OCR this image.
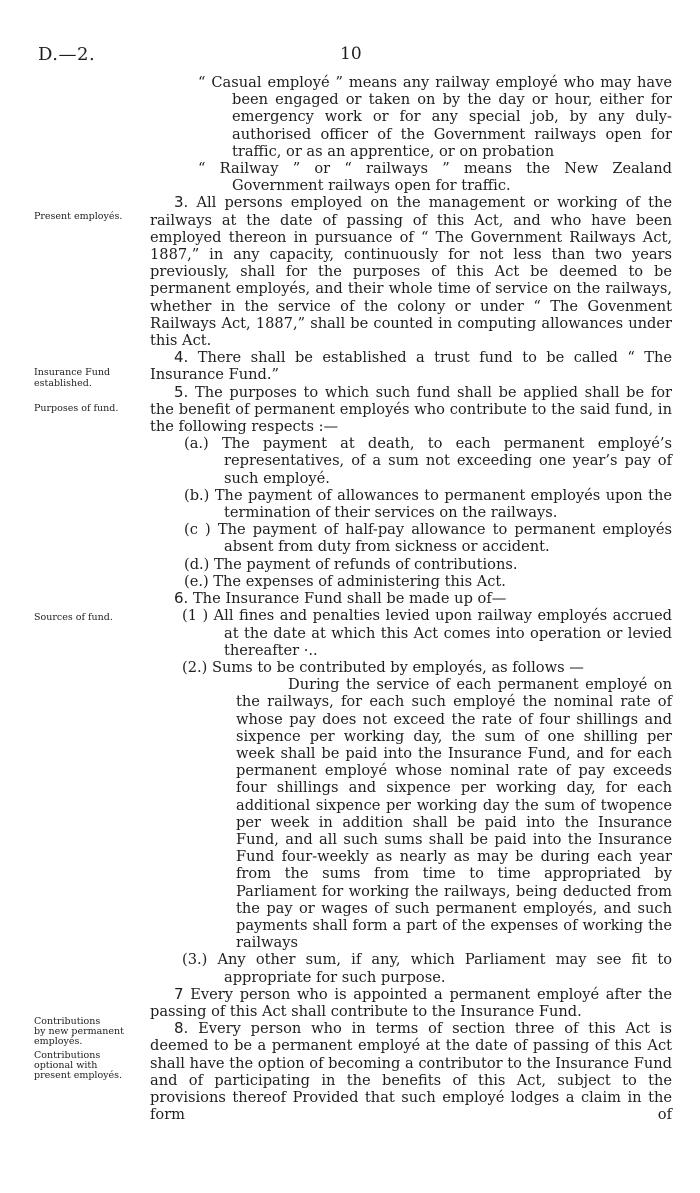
D.—2.	10
Present employés.
Insurance Fund
established.
Purposes of fund.
Sources of fund.
Contributions
by new permanent
employés.
Contributions
optional with
present employés.

“ Casual employé ” means any railway employé who may have been engaged or taken on by the day or hour, either for emergency work or for any special job, by any duly-authorised officer of the Government railways open for traffic, or as an apprentice, or on probation

“ Railway ” or “ railways ” means the New Zealand Government railways open for traffic.

3. All persons employed on the management or working of the railways at the date of passing of this Act, and who have been employed thereon in pursuance of “ The Government Railways Act, 1887,” in any capacity, continuously for not less than two years previously, shall for the purposes of this Act be deemed to be permanent employés, and their whole time of service on the railways, whether in the service of the colony or under “ The Govenment Railways Act, 1887,” shall be counted in computing allowances under this Act.

4. There shall be established a trust fund to be called “ The Insurance Fund.”

5. The purposes to which such fund shall be applied shall be for the benefit of permanent employés who contribute to the said fund, in the following respects :—

(a.) The payment at death, to each permanent employé’s representatives, of a sum not exceeding one year’s pay of such employé.

(b.) The payment of allowances to permanent employés upon the termination of their services on the railways.

(c ) The payment of half-pay allowance to permanent employés absent from duty from sickness or accident.

(d.) The payment of refunds of contributions.

(e.) The expenses of administering this Act.

6. The Insurance Fund shall be made up of—

(1 ) All fines and penalties levied upon railway employés accrued at the date at which this Act comes into operation or levied thereafter ·..

(2.) Sums to be contributed by employés, as follows —

During the service of each permanent employé on the railways, for each such employé the nominal rate of whose pay does not exceed the rate of four shillings and sixpence per working day, the sum of one shilling per week shall be paid into the Insurance Fund, and for each permanent employé whose nominal rate of pay exceeds four shillings and sixpence per working day, for each additional sixpence per working day the sum of twopence per week in addition shall be paid into the Insurance Fund, and all such sums shall be paid into the Insurance Fund four-weekly as nearly as may be during each year from the sums from time to time appropriated by Parliament for working the railways, being deducted from the pay or wages of such permanent employés, and such payments shall form a part of the expenses of working the railways

(3.) Any other sum, if any, which Parliament may see fit to appropriate for such purpose.

7 Every person who is appointed a permanent employé after the passing of this Act shall contribute to the Insurance Fund.

8. Every person who in terms of section three of this Act is deemed to be a permanent employé at the date of passing of this Act shall have the option of becoming a contributor to the Insurance Fund and of participating in the benefits of this Act, subject to the provisions thereof Provided that such employé lodges a claim in the form of
